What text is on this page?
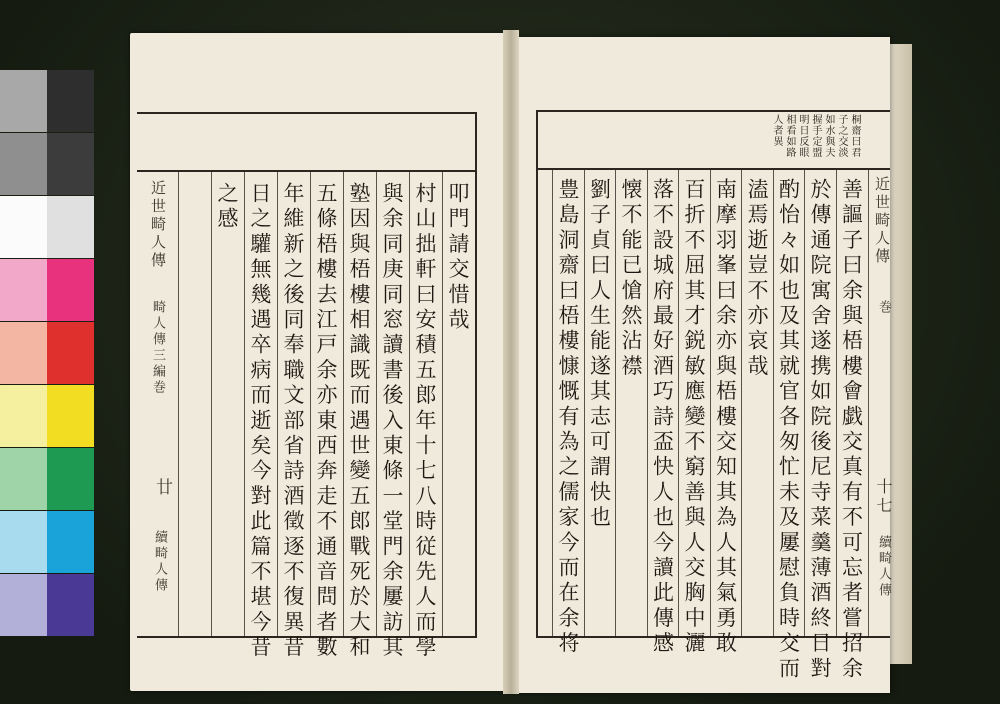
近世畸人傳
畸人傳三編巻
廿
續畸人傳
叩門請交惜哉
村山拙軒曰安積五郎年十七八時従先人而學
與余同庚同窓讀書後入東條一堂門余屢訪其
塾因與梧樓相識既而遇世變五郎戰死於大和
五條梧樓去江戸余亦東西奔走不通音問者數
年維新之後同奉職文部省詩酒徵逐不復異昔
日之驩無幾遇卒病而逝矣今對此篇不堪今昔
之感	近世畸人傳
巻
十七
續畸人傳
桐齋曰君
子之交淡
如水與夫
握手定盟
明日反眼
相看如路
人者異
善謳子曰余與梧樓會戯交真有不可忘者嘗招余
於傳通院寓舍遂携如院後尼寺菜羹薄酒終日對
酌怡々如也及其就官各匆忙未及屢慰負時交而
溘焉逝豈不亦哀哉
南摩羽峯曰余亦與梧樓交知其為人其氣勇敢
百折不屈其才鋭敏應變不窮善與人交胸中灑
落不設城府最好酒巧詩盃快人也今讀此傳感
懐不能已愴然沾襟
劉子貞曰人生能遂其志可謂快也
豊島洞齋曰梧樓慷慨有為之儒家今而在余将
